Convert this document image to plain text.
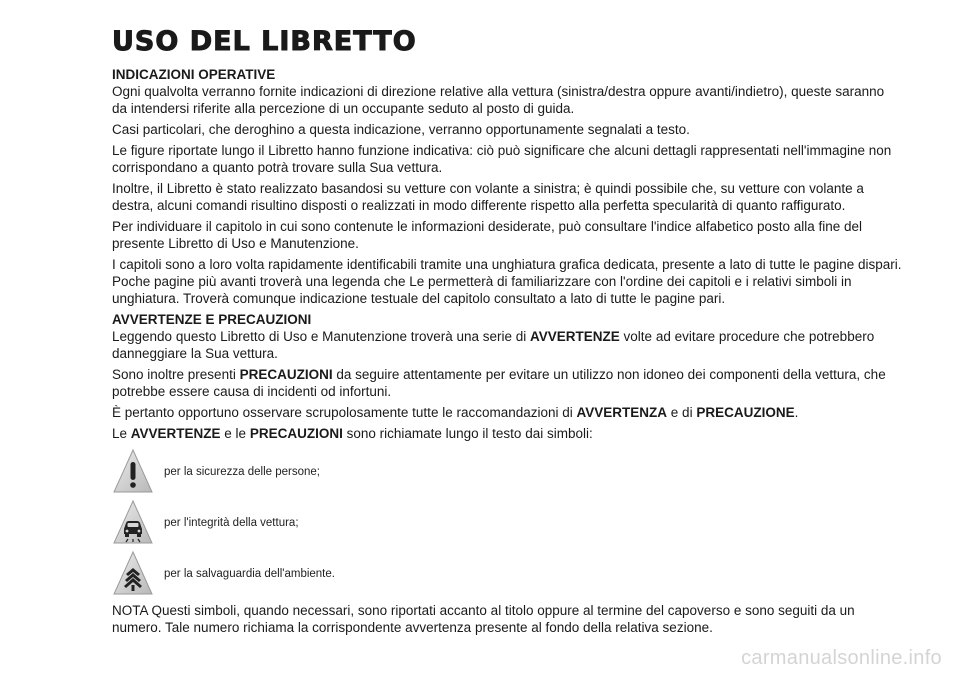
USO DEL LIBRETTO
INDICAZIONI OPERATIVE

Ogni qualvolta verranno fornite indicazioni di direzione relative alla vettura (sinistra/destra oppure avanti/indietro), queste saranno da intendersi riferite alla percezione di un occupante seduto al posto di guida.

Casi particolari, che deroghino a questa indicazione, verranno opportunamente segnalati a testo.

Le figure riportate lungo il Libretto hanno funzione indicativa: ciò può significare che alcuni dettagli rappresentati nell'immagine non corrispondano a quanto potrà trovare sulla Sua vettura.

Inoltre, il Libretto è stato realizzato basandosi su vetture con volante a sinistra; è quindi possibile che, su vetture con volante a destra, alcuni comandi risultino disposti o realizzati in modo differente rispetto alla perfetta specularità di quanto raffigurato.

Per individuare il capitolo in cui sono contenute le informazioni desiderate, può consultare l'indice alfabetico posto alla fine del presente Libretto di Uso e Manutenzione.

I capitoli sono a loro volta rapidamente identificabili tramite una unghiatura grafica dedicata, presente a lato di tutte le pagine dispari. Poche pagine più avanti troverà una legenda che Le permetterà di familiarizzare con l'ordine dei capitoli e i relativi simboli in unghiatura. Troverà comunque indicazione testuale del capitolo consultato a lato di tutte le pagine pari.

AVVERTENZE E PRECAUZIONI

Leggendo questo Libretto di Uso e Manutenzione troverà una serie di AVVERTENZE volte ad evitare procedure che potrebbero danneggiare la Sua vettura.

Sono inoltre presenti PRECAUZIONI da seguire attentamente per evitare un utilizzo non idoneo dei componenti della vettura, che potrebbe essere causa di incidenti od infortuni.

È pertanto opportuno osservare scrupolosamente tutte le raccomandazioni di AVVERTENZA e di PRECAUZIONE.

Le AVVERTENZE e le PRECAUZIONI sono richiamate lungo il testo dai simboli:

per la sicurezza delle persone;
per l'integrità della vettura;
per la salvaguardia dell'ambiente.

NOTA Questi simboli, quando necessari, sono riportati accanto al titolo oppure al termine del capoverso e sono seguiti da un numero. Tale numero richiama la corrispondente avvertenza presente al fondo della relativa sezione.

carmanualsonline.info
